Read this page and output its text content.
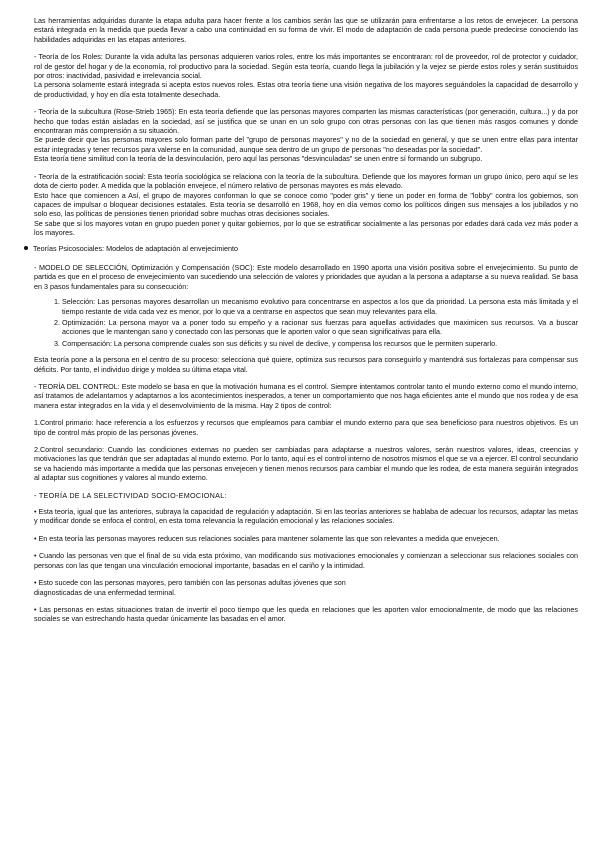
Las herramientas adquiridas durante la etapa adulta para hacer frente a los cambios serán las que se utilizarán para enfrentarse a los retos de envejecer. La persona estará integrada en la medida que pueda llevar a cabo una continuidad en su forma de vivir. El modo de adaptación de cada persona puede predecirse conociendo las habilidades adquiridas en las etapas anteriores.

- Teoría de los Roles: Durante la vida adulta las personas adquieren varios roles, entre los más importantes se encontraran: rol de proveedor, rol de protector y cuidador, rol de gestor del hogar y de la economía, rol productivo para la sociedad. Según esta teoría, cuando llega la jubilación y la vejez se pierde estos roles y serán sustituidos por otros: inactividad, pasividad e irrelevancia social.

La persona solamente estará integrada si acepta estos nuevos roles. Estas otra teoría tiene una visión negativa de los mayores seguándoles la capacidad de desarrollo y de productividad, y hoy en día esta totalmente desechada.

- Teoría de la subcultura (Rose-Strieb 1965): En esta teoría defiende que las personas mayores comparten las mismas características (por generación, cultura...) y da por hecho que todas están aisladas en la sociedad, así se justifica que se unan en un solo grupo con otras personas con las que tienen más rasgos comunes y donde encontraran más comprensión a su situación.

Se puede decir que las personas mayores solo forman parte del "grupo de personas mayores" y no de la sociedad en general, y que se unen entre ellas para intentar estar integradas y tener recursos para valerse en la comunidad, aunque sea dentro de un grupo de personas "no deseadas por la sociedad".

Esta teoría tiene similitud con la teoría de la desvinculación, pero aquí las personas "desvinculadas" se unen entre sí formando un subgrupo.

- Teoría de la estratificación social: Esta teoría sociológica se relaciona con la teoría de la subcultura. Defiende que los mayores forman un grupo único, pero aquí se les dota de cierto poder. A medida que la población envejece, el número relativo de personas mayores es más elevado.

Esto hace que comiencen a Así, el grupo de mayores conforman lo que se conoce como "poder gris" y tiene un poder en forma de "lobby" contra los gobiernos, son capaces de impulsar o bloquear decisiones estatales. Esta teoría se desarrolló en 1968, hoy en día vemos como los políticos dirigen sus mensajes a los jubilados y no solo eso, las políticas de pensiones tienen prioridad sobre muchas otras decisiones sociales.

Se sabe que si los mayores votan en grupo pueden poner y quitar gobiernos, por lo que se estratificar socialmente a las personas por edades dará cada vez más poder a los mayores.

Teorías Psicosociales: Modelos de adaptación al envejecimiento

- MODELO DE SELECCIÓN, Optimización y Compensación (SOC): Este modelo desarrollado en 1990 aporta una visión positiva sobre el envejecimiento. Su punto de partida es que en el proceso de envejecimiento van sucediendo una selección de valores y prioridades que ayudan a la persona a adaptarse a su nueva realidad. Se basa en 3 pasos fundamentales para su consecución:

1. Selección: Las personas mayores desarrollan un mecanismo evolutivo para concentrarse en aspectos a los que da prioridad. La persona esta más limitada y el tiempo restante de vida cada vez es menor, por lo que va a centrarse en aspectos que sean muy relevantes para ella.
2. Optimización: La persona mayor va a poner todo su empeño y a racionar sus fuerzas para aquellas actividades que maximicen sus recursos. Va a buscar acciones que le mantengan sano y conectado con las personas que le aporten valor o que sean significativas para ella.
3. Compensación: La persona comprende cuales son sus déficits y su nivel de declive, y compensa los recursos que le permiten superarlo.

Esta teoría pone a la persona en el centro de su proceso: selecciona qué quiere, optimiza sus recursos para conseguirlo y mantendrá sus fortalezas para compensar sus déficits. Por tanto, el individuo dirige y moldea su última etapa vital.

- TEORÍA DEL CONTROL: Este modelo se basa en que la motivación humana es el control. Siempre intentamos controlar tanto el mundo externo como el mundo interno, así tratamos de adelantarnos y adaptarnos a los acontecimientos inesperados, a tener un comportamiento que nos haga eficientes ante el mundo que nos rodea y de esa manera estar integrados en la vida y el desenvolvimiento de la misma. Hay 2 tipos de control:

1.Control primario: hace referencia a los esfuerzos y recursos que empleamos para cambiar el mundo externo para que sea beneficioso para nuestros objetivos. Es un tipo de control más propio de las personas jóvenes.

2.Control secundario: Cuando las condiciones externas no pueden ser cambiadas para adaptarse a nuestros valores, serán nuestros valores, ideas, creencias y motivaciones las que tendrán que ser adaptadas al mundo externo. Por lo tanto, aquí es el control interno de nosotros mismos el que se va a ejercer. El control secundario se va haciendo más importante a medida que las personas envejecen y tienen menos recursos para cambiar el mundo que les rodea, de esta manera seguirán integrados al adaptar sus cognitiones y valores al mundo externo.

- TEORÍA DE LA SELECTIVIDAD SOCIO-EMOCIONAL:

• Esta teoría, igual que las anteriores, subraya la capacidad de regulación y adaptación. Si en las teorías anteriores se hablaba de adecuar los recursos, adaptar las metas y modificar donde se enfoca el control, en esta toma relevancia la regulación emocional y las relaciones sociales.

• En esta teoría las personas mayores reducen sus relaciones sociales para mantener solamente las que son relevantes a medida que envejecen.

• Cuando las personas ven que el final de su vida esta próximo, van modificando sus motivaciones emocionales y comienzan a seleccionar sus relaciones sociales con personas con las que tengan una vinculación emocional importante, basadas en el cariño y la intimidad.

• Esto sucede con las personas mayores, pero también con las personas adultas jóvenes que son
diagnosticadas de una enfermedad terminal.

• Las personas en estas situaciones tratan de invertir el poco tiempo que les queda en relaciones que les aporten valor emocionalmente, de modo que las relaciones sociales se van estrechando hasta quedar únicamente las basadas en el amor.
